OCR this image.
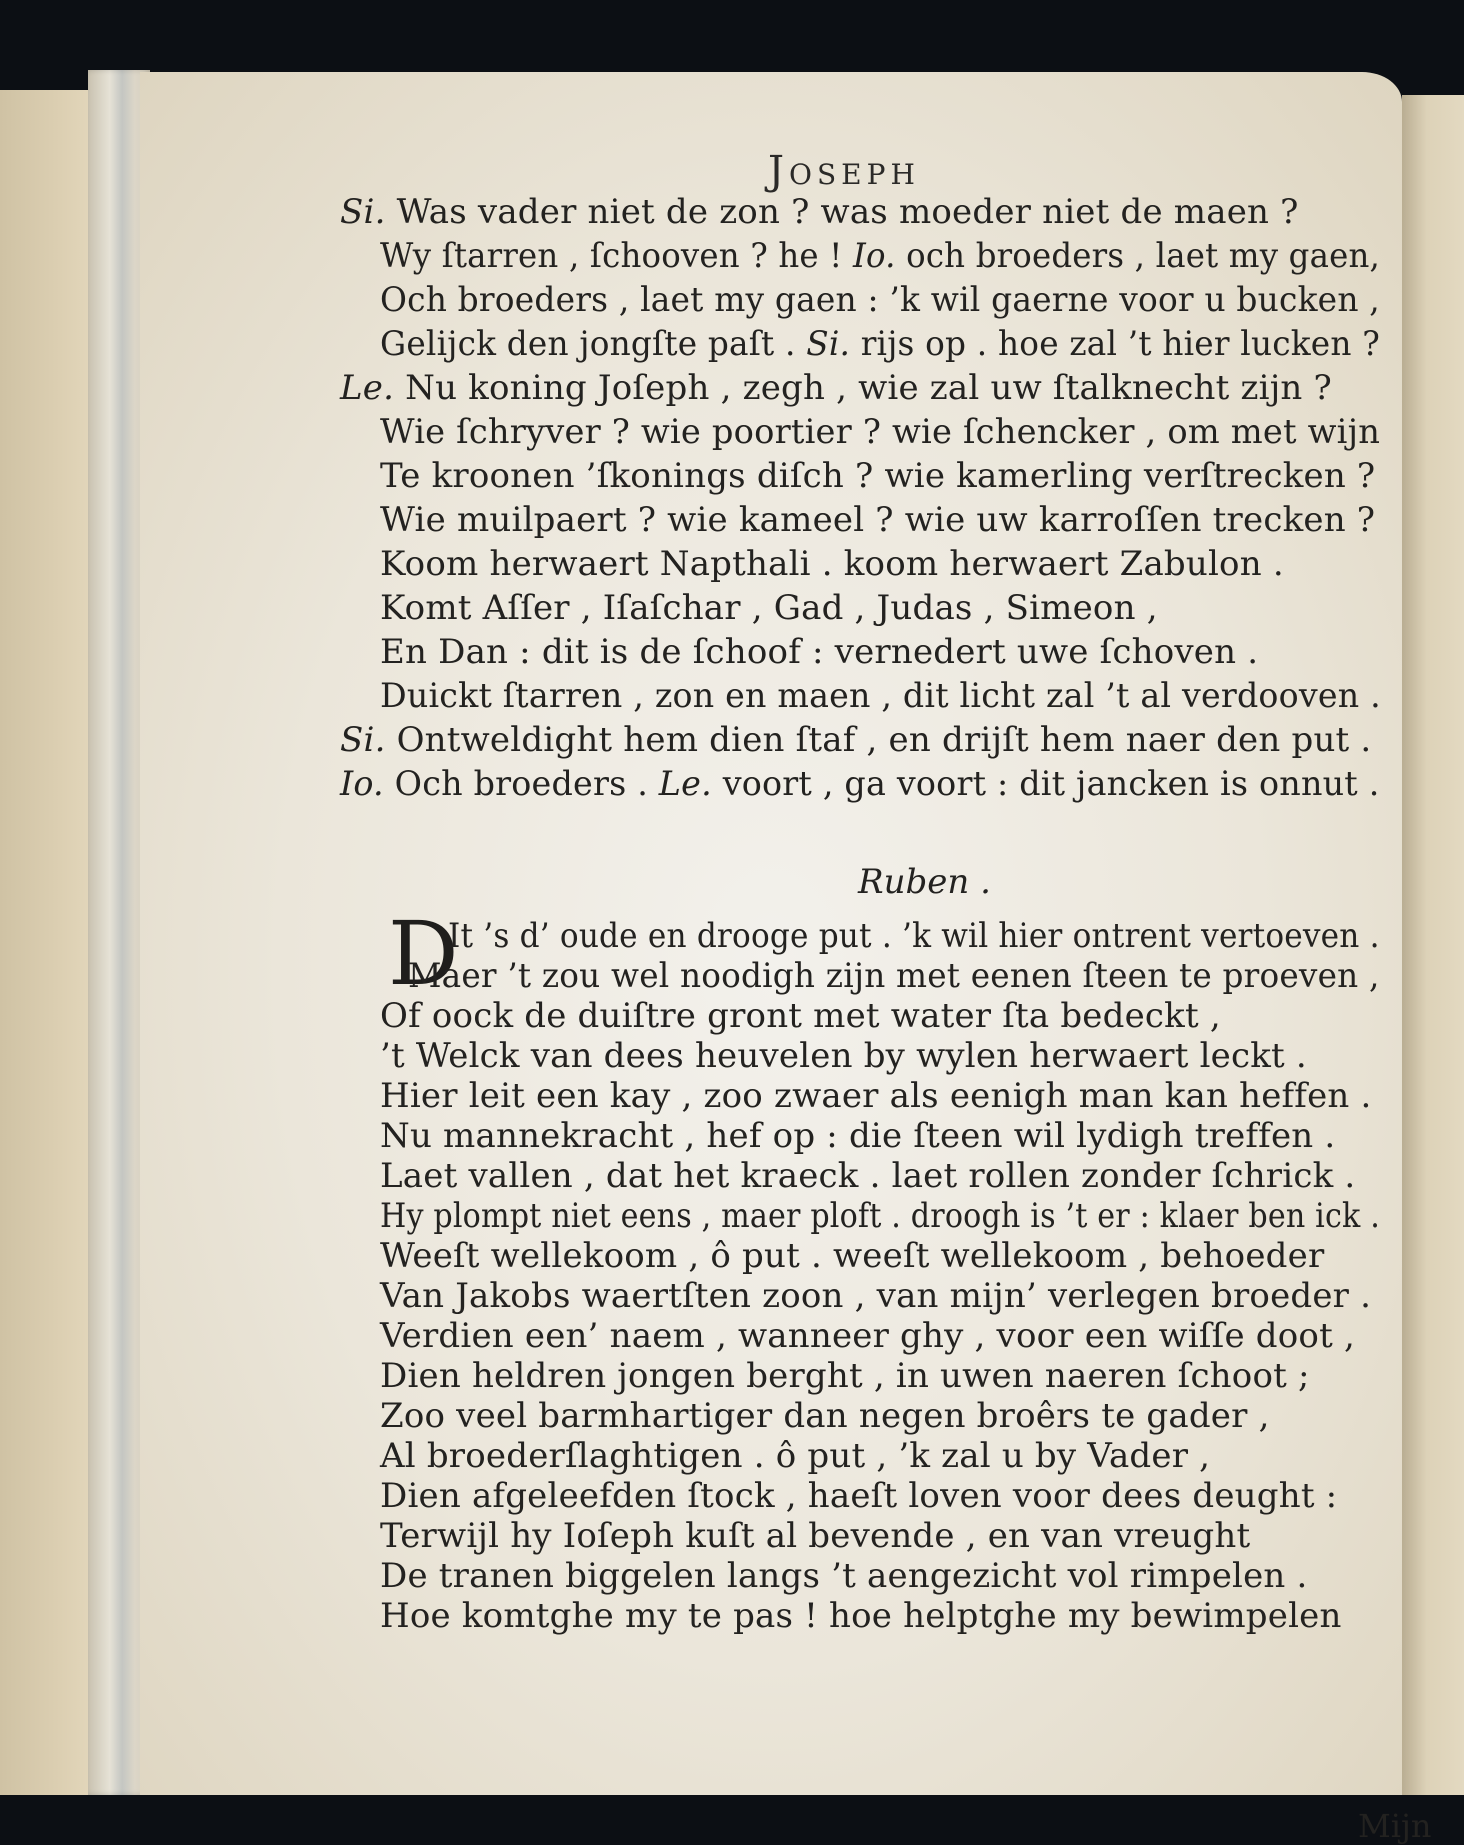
Joseph
Si. Was vader niet de zon ? was moeder niet de maen ?
Wy ſtarren , ſchooven ? he ! Io. och broeders , laet my gaen,
Och broeders , laet my gaen : ’k wil gaerne voor u bucken ,
Gelijck den jongſte paſt . Si. rijs op . hoe zal ’t hier lucken ?
Le. Nu koning Joſeph , zegh , wie zal uw ſtalknecht zijn ?
Wie ſchryver ? wie poortier ? wie ſchencker , om met wijn
Te kroonen ’ſkonings diſch ? wie kamerling verſtrecken ?
Wie muilpaert ? wie kameel ? wie uw karroſſen trecken ?
Koom herwaert Napthali . koom herwaert Zabulon .
Komt Aſſer , Iſaſchar , Gad , Judas , Simeon ,
En Dan : dit is de ſchoof : vernedert uwe ſchoven .
Duickt ſtarren , zon en maen , dit licht zal ’t al verdooven .
Si. Ontweldight hem dien ſtaf , en drijſt hem naer den put .
Io. Och broeders . Le. voort , ga voort : dit jancken is onnut .
Ruben .
D
It ’s d’ oude en drooge put . ’k wil hier ontrent vertoeven .
Maer ’t zou wel noodigh zijn met eenen ſteen te proeven ,
Of oock de duiſtre gront met water ſta bedeckt ,
’t Welck van dees heuvelen by wylen herwaert leckt .
Hier leit een kay , zoo zwaer als eenigh man kan heffen .
Nu mannekracht , hef op : die ſteen wil lydigh treffen .
Laet vallen , dat het kraeck . laet rollen zonder ſchrick .
Hy plompt niet eens , maer ploft . droogh is ’t er : klaer ben ick .
Weeſt wellekoom , ô put . weeſt wellekoom , behoeder
Van Jakobs waertſten zoon , van mijn’ verlegen broeder .
Verdien een’ naem , wanneer ghy , voor een wiſſe doot ,
Dien heldren jongen berght , in uwen naeren ſchoot ;
Zoo veel barmhartiger dan negen broêrs te gader ,
Al broederſlaghtigen . ô put , ’k zal u by Vader ,
Dien afgeleefden ſtock , haeſt loven voor dees deught :
Terwijl hy Ioſeph kuſt al bevende , en van vreught
De tranen biggelen langs ’t aengezicht vol rimpelen .
Hoe komtghe my te pas ! hoe helptghe my bewimpelen
Mijn
